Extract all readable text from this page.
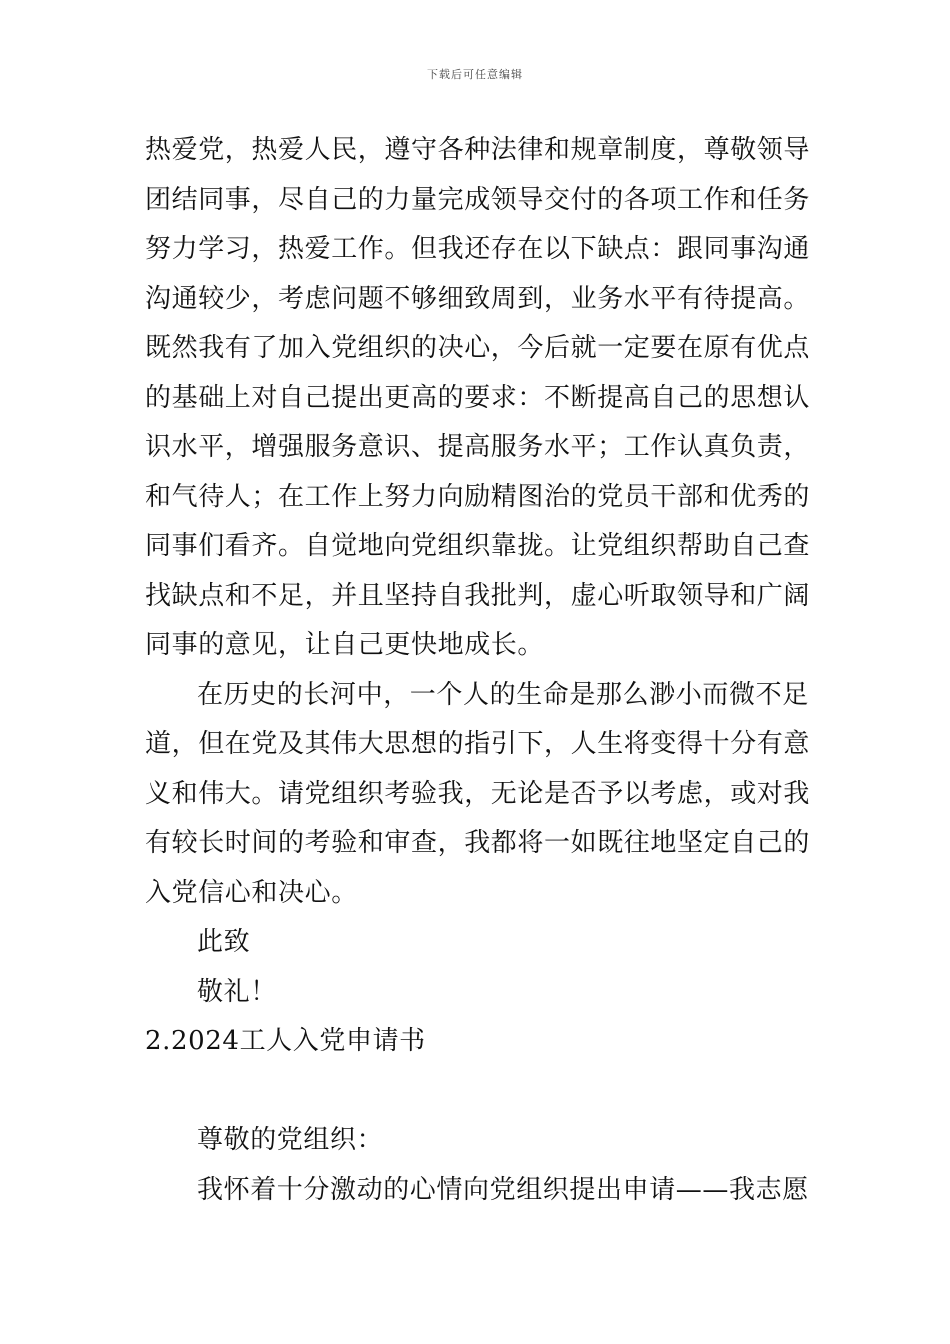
下载后可任意编辑
热爱党，热爱人民，遵守各种法律和规章制度，尊敬领导
团结同事，尽自己的力量完成领导交付的各项工作和任务
努力学习，热爱工作。但我还存在以下缺点：跟同事沟通
沟通较少，考虑问题不够细致周到，业务水平有待提高。
既然我有了加入党组织的决心，今后就一定要在原有优点
的基础上对自己提出更高的要求：不断提高自己的思想认
识水平，增强服务意识、提高服务水平；工作认真负责，
和气待人；在工作上努力向励精图治的党员干部和优秀的
同事们看齐。自觉地向党组织靠拢。让党组织帮助自己查
找缺点和不足，并且坚持自我批判，虚心听取领导和广阔
同事的意见，让自己更快地成长。
在历史的长河中，一个人的生命是那么渺小而微不足
道，但在党及其伟大思想的指引下，人生将变得十分有意
义和伟大。请党组织考验我，无论是否予以考虑，或对我
有较长时间的考验和审查，我都将一如既往地坚定自己的
入党信心和决心。
此致
敬礼！
2.2024工人入党申请书
尊敬的党组织：
我怀着十分激动的心情向党组织提出申请——我志愿
